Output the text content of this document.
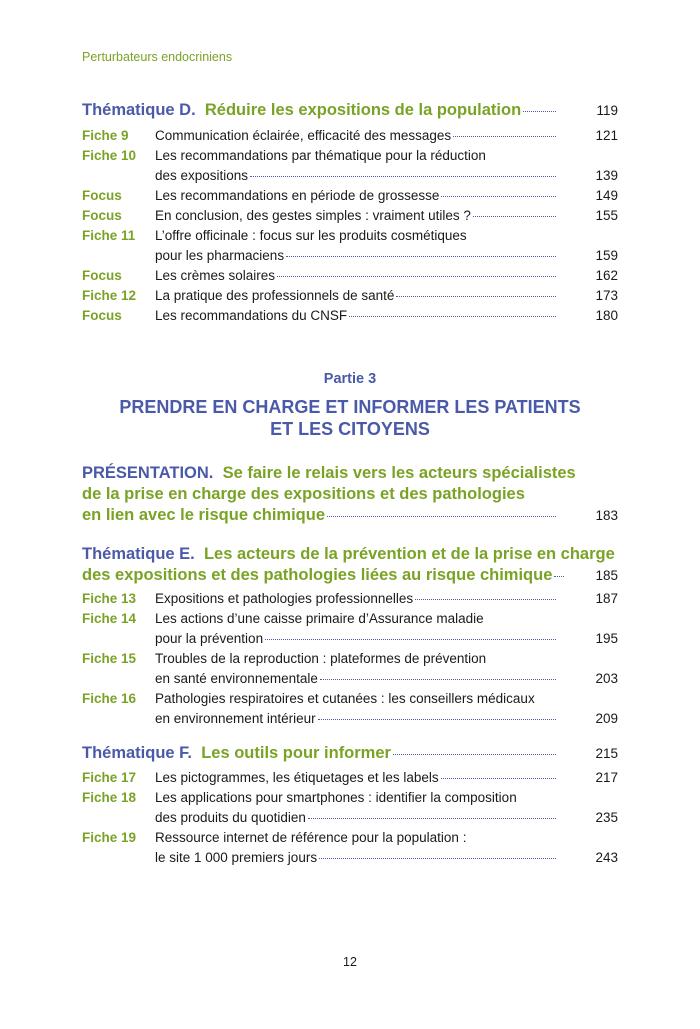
Perturbateurs endocriniens
Thématique D. Réduire les expositions de la population	119
Fiche 9	Communication éclairée, efficacité des messages	121
Fiche 10	Les recommandations par thématique pour la réduction
des expositions	139
Focus	Les recommandations en période de grossesse	149
Focus	En conclusion, des gestes simples : vraiment utiles ?	155
Fiche 11	L’offre officinale : focus sur les produits cosmétiques
pour les pharmaciens	159
Focus	Les crèmes solaires	162
Fiche 12	La pratique des professionnels de santé	173
Focus	Les recommandations du CNSF	180
Partie 3
PRENDRE EN CHARGE ET INFORMER LES PATIENTS
ET LES CITOYENS
PRÉSENTATION. Se faire le relais vers les acteurs spécialistes
de la prise en charge des expositions et des pathologies
en lien avec le risque chimique	183
Thématique E. Les acteurs de la prévention et de la prise en charge
des expositions et des pathologies liées au risque chimique	185
Fiche 13	Expositions et pathologies professionnelles	187
Fiche 14	Les actions d’une caisse primaire d’Assurance maladie
pour la prévention	195
Fiche 15	Troubles de la reproduction : plateformes de prévention
en santé environnementale	203
Fiche 16	Pathologies respiratoires et cutanées : les conseillers médicaux
en environnement intérieur	209
Thématique F. Les outils pour informer	215
Fiche 17	Les pictogrammes, les étiquetages et les labels	217
Fiche 18	Les applications pour smartphones : identifier la composition
des produits du quotidien	235
Fiche 19	Ressource internet de référence pour la population :
le site 1 000 premiers jours	243
12
